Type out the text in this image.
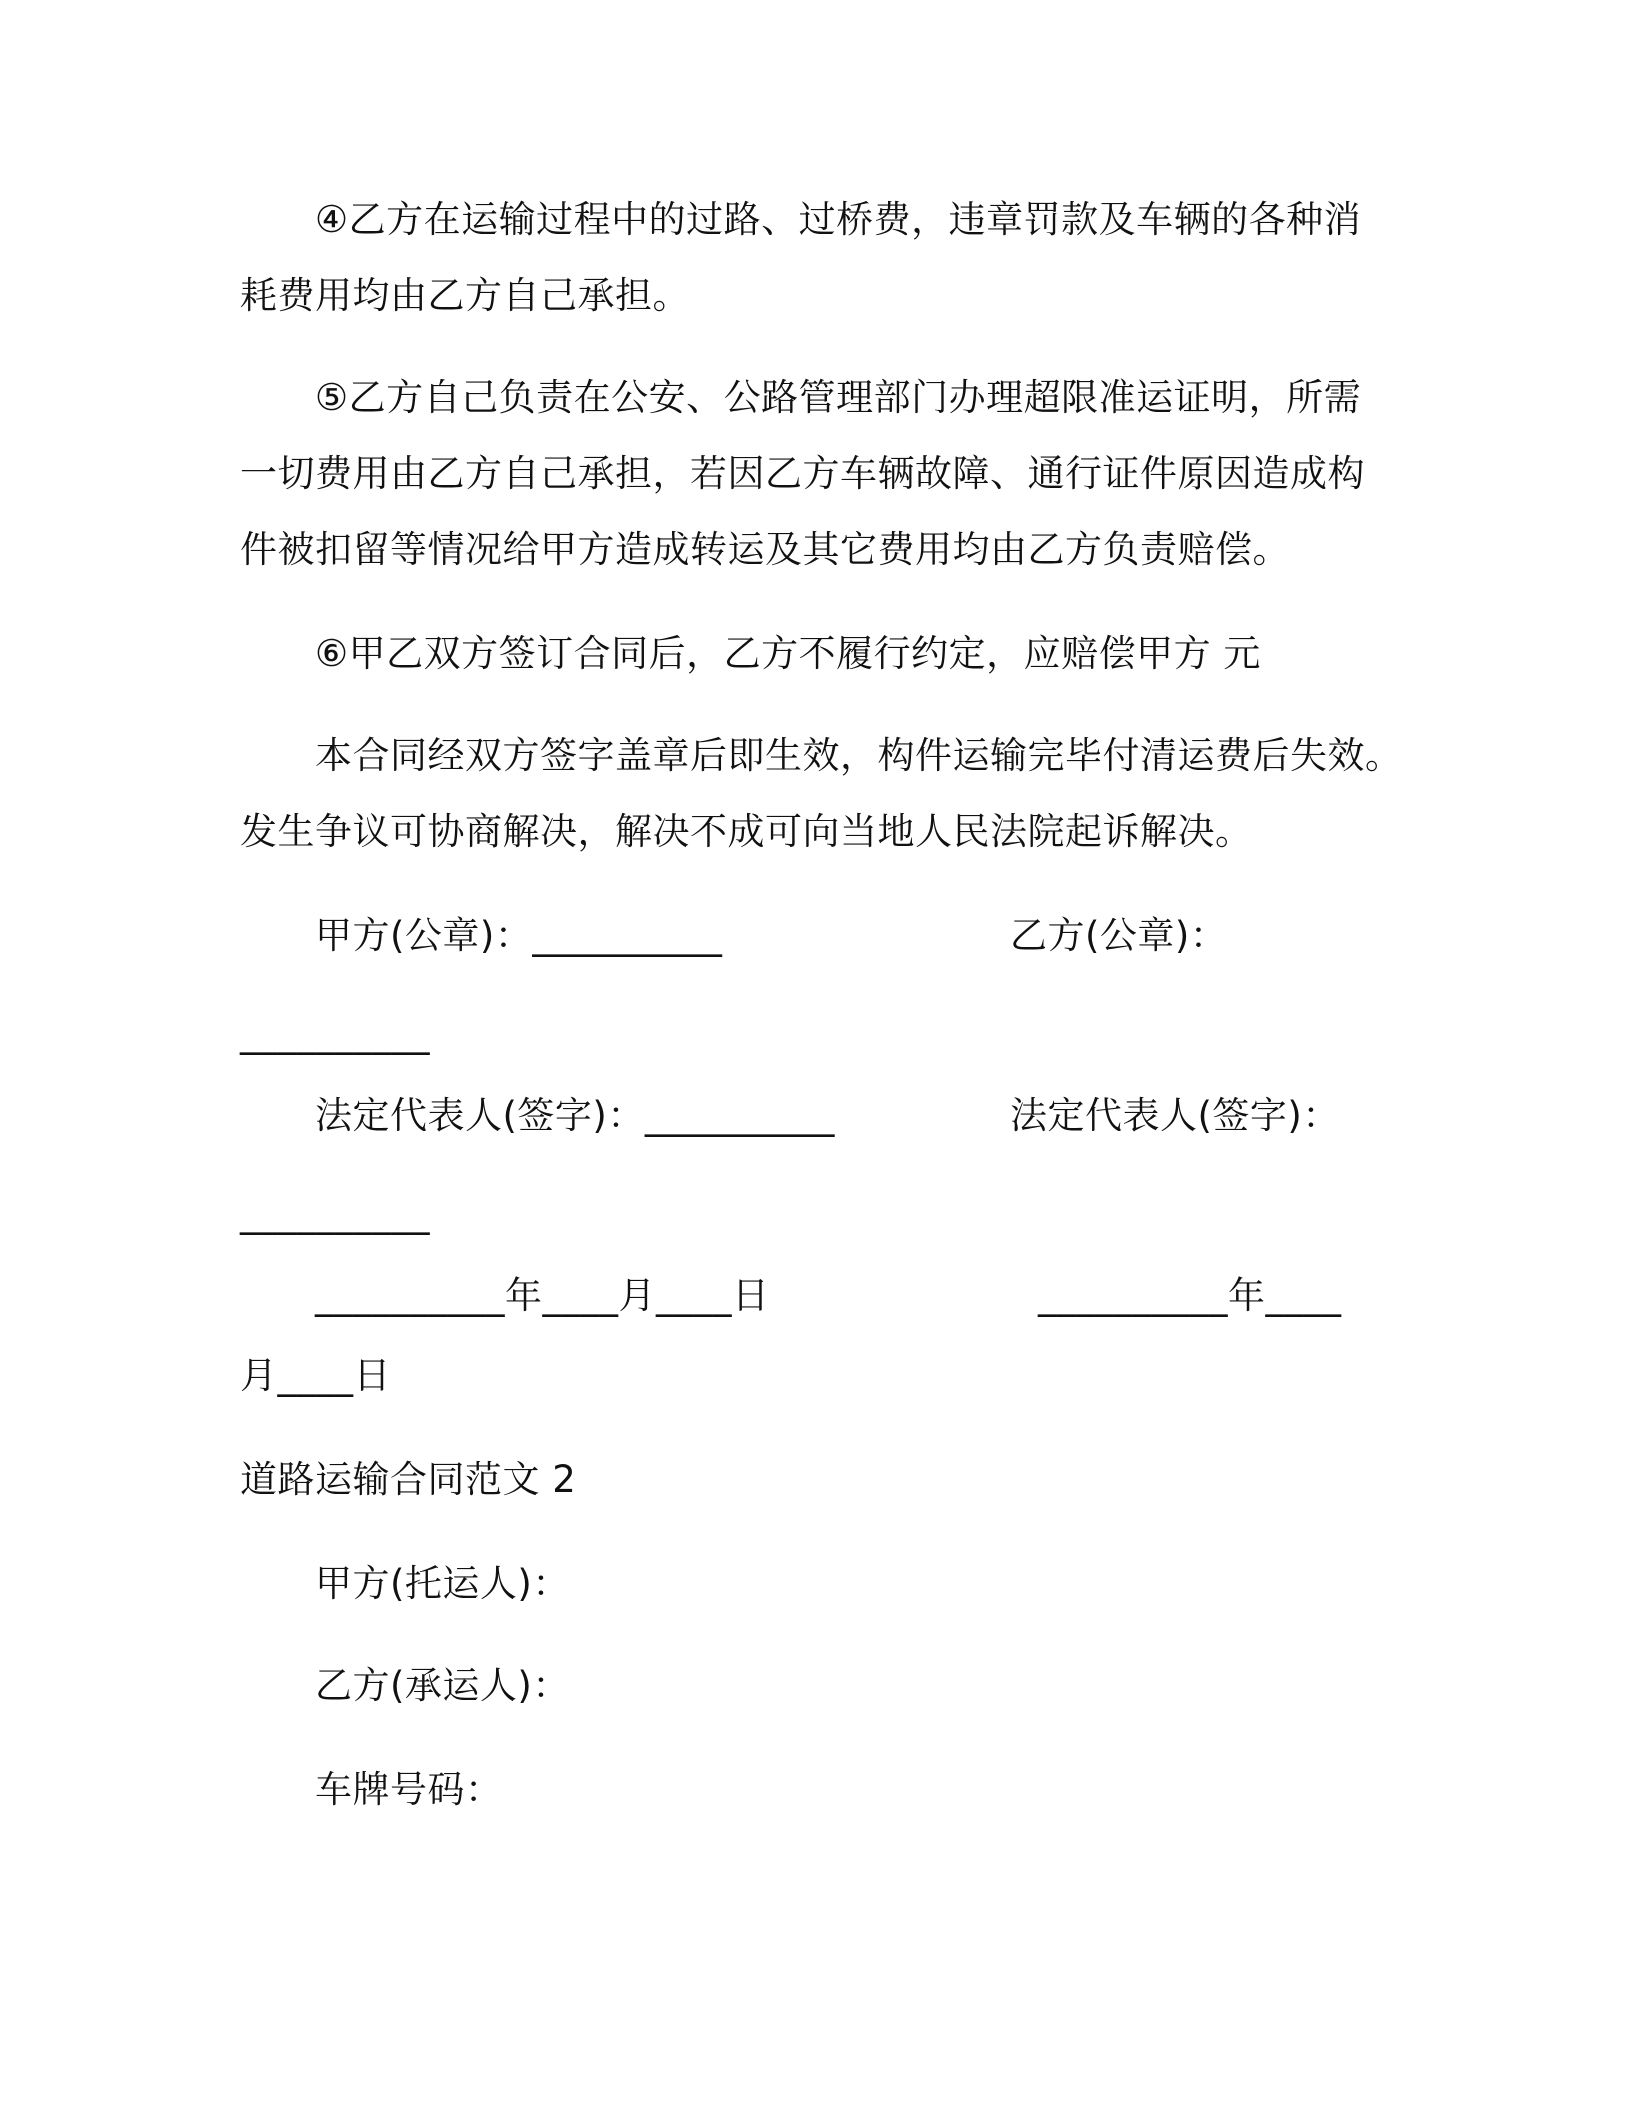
④乙方在运输过程中的过路、过桥费，违章罚款及车辆的各种消
耗费用均由乙方自己承担。
⑤乙方自己负责在公安、公路管理部门办理超限准运证明，所需
一切费用由乙方自己承担，若因乙方车辆故障、通行证件原因造成构
件被扣留等情况给甲方造成转运及其它费用均由乙方负责赔偿。
⑥甲乙双方签订合同后，乙方不履行约定，应赔偿甲方 元
本合同经双方签字盖章后即生效，构件运输完毕付清运费后失效。
发生争议可协商解决，解决不成可向当地人民法院起诉解决。
甲方(公章)：__________	乙方(公章)：
__________
法定代表人(签字)：__________	法定代表人(签字)：
__________
__________年____月____日	__________年____
月____日
道路运输合同范文 2
甲方(托运人)：
乙方(承运人)：
车牌号码：
